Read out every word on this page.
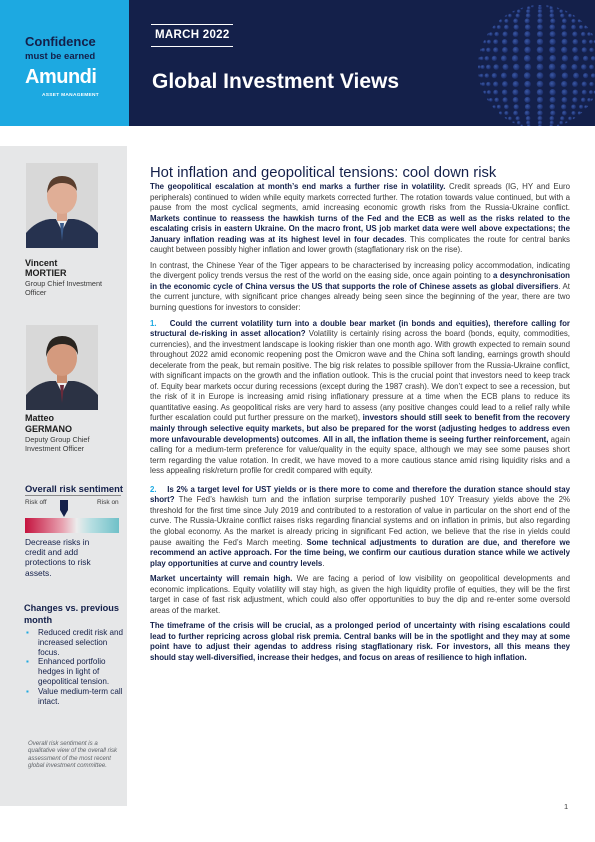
Confidence
must be earned
Amundi
ASSET MANAGEMENT
MARCH 2022
Global Investment Views
Vincent
MORTIER
Group Chief Investment Officer
Matteo
GERMANO
Deputy Group Chief Investment Officer
Overall risk sentiment
Risk off	Risk on
Decrease risks in credit and add protections to risk assets.
Changes vs. previous month
▪ Reduced credit risk and increased selection focus.
▪ Enhanced portfolio hedges in light of geopolitical tension.
▪ Value medium-term call intact.
Overall risk sentiment is a qualitative view of the overall risk assessment of the most recent global investment committee.
Hot inflation and geopolitical tensions: cool down risk

The geopolitical escalation at month’s end marks a further rise in volatility. Credit spreads (IG, HY and Euro peripherals) continued to widen while equity markets corrected further. The rotation towards value continued, but with a pause from the most cyclical segments, amid increasing economic growth risks from the Russia-Ukraine conflict. Markets continue to reassess the hawkish turns of the Fed and the ECB as well as the risks related to the escalating crisis in eastern Ukraine. On the macro front, US job market data were well above expectations; the January inflation reading was at its highest level in four decades. This complicates the route for central banks caught between possibly higher inflation and lower growth (stagflationary risk on the rise).

In contrast, the Chinese Year of the Tiger appears to be characterised by increasing policy accommodation, indicating the divergent policy trends versus the rest of the world on the easing side, once again pointing to a desynchronisation in the economic cycle of China versus the US that supports the role of Chinese assets as global diversifiers. At the current juncture, with significant price changes already being seen since the beginning of the year, there are two burning questions for investors to consider:

1. Could the current volatility turn into a double bear market (in bonds and equities), therefore calling for structural de-risking in asset allocation? Volatility is certainly rising across the board (bonds, equity, commodities, currencies), and the investment landscape is looking riskier than one month ago. With growth expected to remain sound throughout 2022 amid economic reopening post the Omicron wave and the China soft landing, earnings growth should decelerate from the peak, but remain positive. The big risk relates to possible spillover from the Russia-Ukraine conflict, with significant impacts on the growth and the inflation outlook. This is the crucial point that investors need to keep track of. Equity bear markets occur during recessions (except during the 1987 crash). We don’t expect to see a recession, but the risk of it in Europe is increasing amid rising inflationary pressure at a time when the ECB plans to reduce its quantitative easing. As geopolitical risks are very hard to assess (any positive changes could lead to a relief rally while further escalation could put further pressure on the market), investors should still seek to benefit from the recovery mainly through selective equity markets, but also be prepared for the worst (adjusting hedges to address even more unfavourable developments) outcomes. All in all, the inflation theme is seeing further reinforcement, again calling for a medium-term preference for value/quality in the equity space, although we may see some pauses short term regarding the value rotation. In credit, we have moved to a more cautious stance amid rising liquidity risks and a less appealing risk/return profile for credit compared with equity.

2. Is 2% a target level for UST yields or is there more to come and therefore the duration stance should stay short? The Fed’s hawkish turn and the inflation surprise temporarily pushed 10Y Treasury yields above the 2% threshold for the first time since July 2019 and contributed to a restoration of value in particular on the short end of the curve. The Russia-Ukraine conflict raises risks regarding financial systems and on inflation in primis, but also regarding the global economy. As the market is already pricing in significant Fed action, we believe that the rise in yields could pause awaiting the Fed’s March meeting. Some technical adjustments to duration are due, and therefore we recommend an active approach. For the time being, we confirm our cautious duration stance while we actively play opportunities at curve and country levels.

Market uncertainty will remain high. We are facing a period of low visibility on geopolitical developments and economic implications. Equity volatility will stay high, as given the high liquidity profile of equities, they will be the first target in case of fast risk adjustment, which could also offer opportunities to buy the dip and re-enter some oversold areas of the market.

The timeframe of the crisis will be crucial, as a prolonged period of uncertainty with rising escalations could lead to further repricing across global risk premia. Central banks will be in the spotlight and they may at some point have to adjust their agendas to address rising stagflationary risk. For investors, all this means they should stay well-diversified, increase their hedges, and focus on areas of resilience to high inflation.

1
